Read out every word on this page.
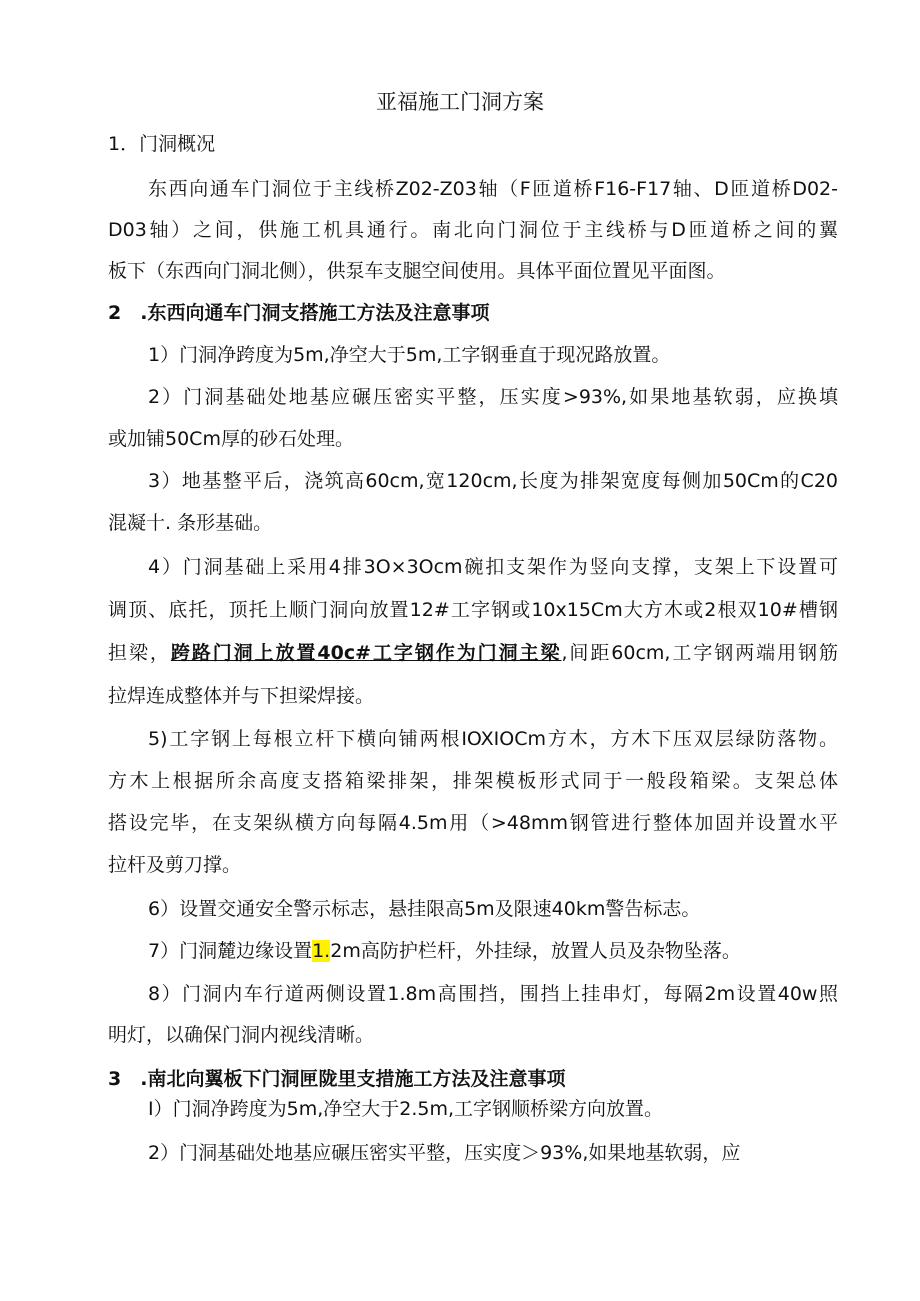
亚福施工门洞方案
1．门洞概况
东西向通车门洞位于主线桥Z02-Z03轴（F匝道桥F16-F17轴、D匝道桥D02-
D03轴）之间，供施工机具通行。南北向门洞位于主线桥与D匝道桥之间的翼
板下（东西向门洞北侧），供泵车支腿空间使用。具体平面位置见平面图。
2　.东西向通车门洞支搭施工方法及注意事项
1）门洞净跨度为5m,净空大于5m,工字钢垂直于现况路放置。
2）门洞基础处地基应碾压密实平整，压实度>93%,如果地基软弱，应换填
或加铺50Cm厚的砂石处理。
3）地基整平后，浇筑高60cm,宽120cm,长度为排架宽度每侧加50Cm的C20
混凝十. 条形基础。
4）门洞基础上采用4排3O×3Ocm碗扣支架作为竖向支撑，支架上下设置可
调顶、底托，顶托上顺门洞向放置12#工字钢或10x15Cm大方木或2根双10#槽钢
担梁，跨路门洞上放置40c#工字钢作为门洞主梁,间距60cm,工字钢两端用钢筋
拉焊连成整体并与下担梁焊接。
5)工字钢上每根立杆下横向铺两根IOXIOCm方木，方木下压双层绿防落物。
方木上根据所余高度支搭箱梁排架，排架模板形式同于一般段箱梁。支架总体
搭设完毕，在支架纵横方向每隔4.5m用（>48mm钢管进行整体加固并设置水平
拉杆及剪刀撑。
6）设置交通安全警示标志，悬挂限高5m及限速40km警告标志。
7）门洞麓边缘设置1.2m高防护栏杆，外挂绿，放置人员及杂物坠落。
8）门洞内车行道两侧设置1.8m高围挡，围挡上挂串灯，每隔2m设置40w照
明灯，以确保门洞内视线清晰。
3　.南北向翼板下门洞匣陇里支措施工方法及注意事项
I）门洞净跨度为5m,净空大于2.5m,工字钢顺桥梁方向放置。
2）门洞基础处地基应碾压密实平整，压实度＞93%,如果地基软弱，应
